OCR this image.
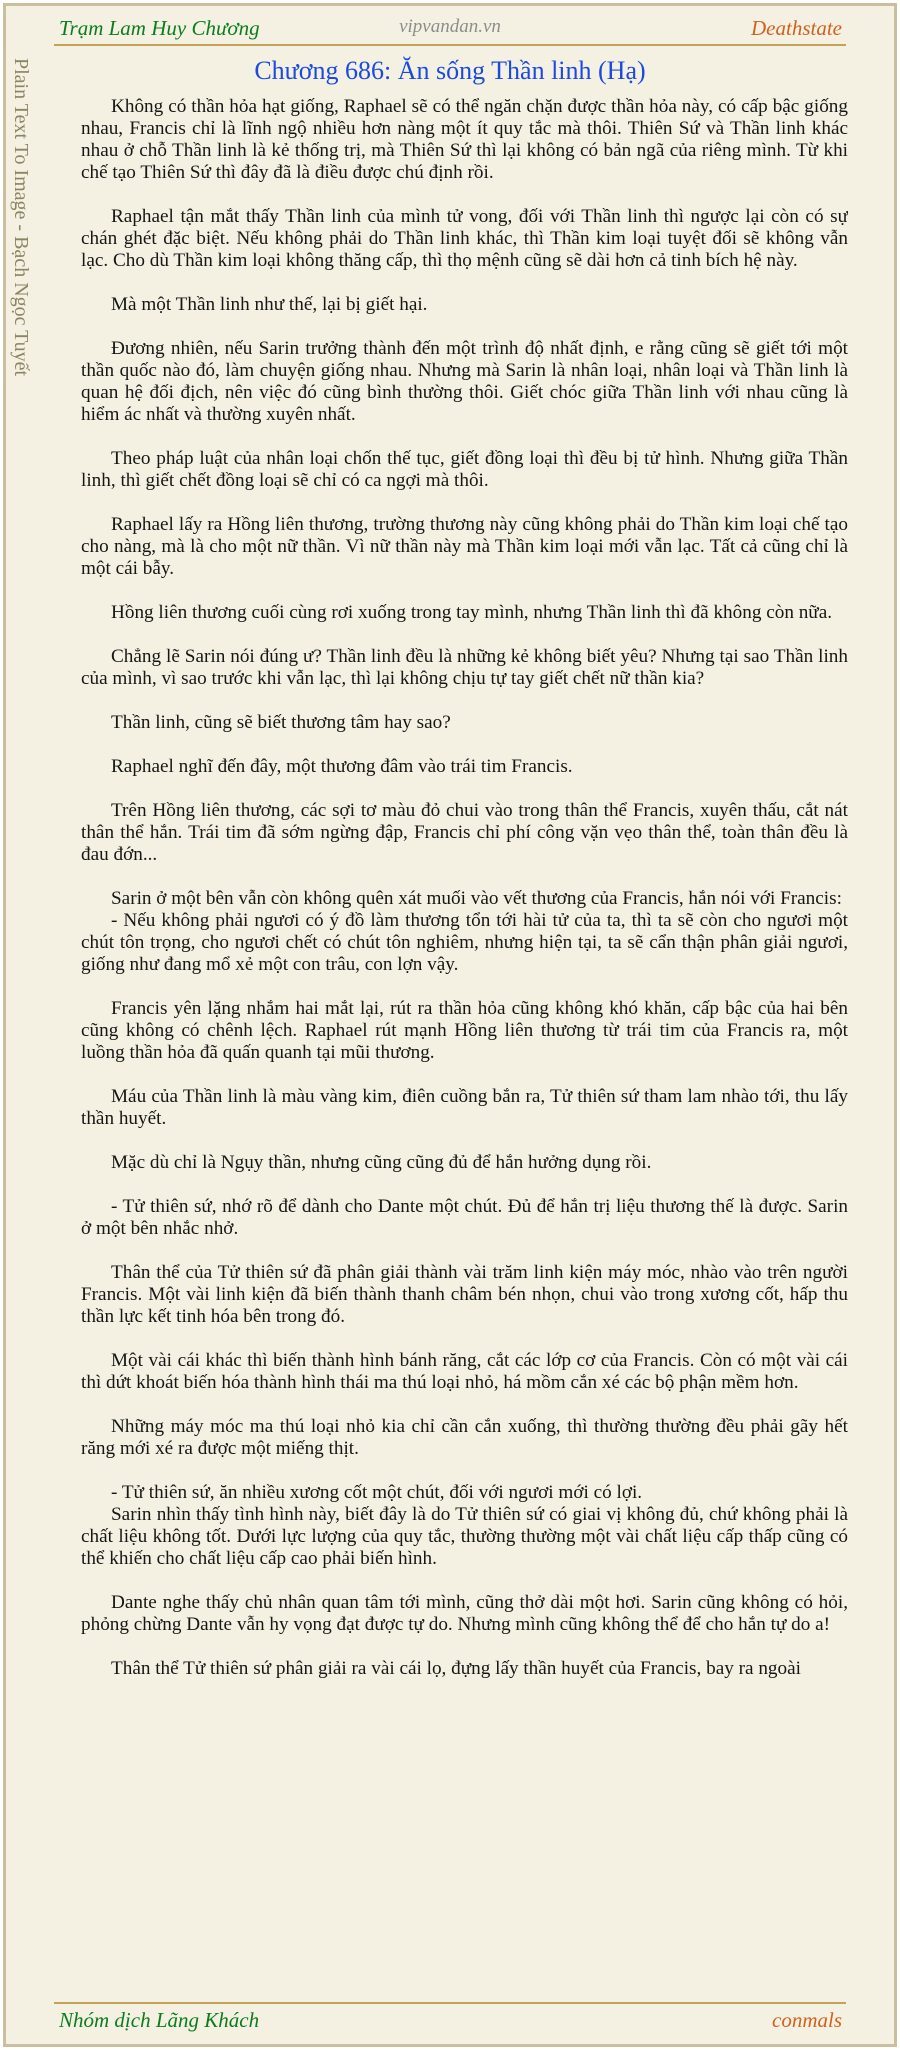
Trạm Lam Huy Chương	vipvandan.vn	Deathstate
Plain Text To Image - Bạch Ngọc Tuyết	Chương 686: Ăn sống Thần linh (Hạ)

Không có thần hỏa hạt giống, Raphael sẽ có thể ngăn chặn được thần hỏa này, có cấp bậc giống nhau, Francis chỉ là lĩnh ngộ nhiều hơn nàng một ít quy tắc mà thôi. Thiên Sứ và Thần linh khác nhau ở chỗ Thần linh là kẻ thống trị, mà Thiên Sứ thì lại không có bản ngã của riêng mình. Từ khi chế tạo Thiên Sứ thì đây đã là điều được chú định rồi.

Raphael tận mắt thấy Thần linh của mình tử vong, đối với Thần linh thì ngược lại còn có sự chán ghét đặc biệt. Nếu không phải do Thần linh khác, thì Thần kim loại tuyệt đối sẽ không vẫn lạc. Cho dù Thần kim loại không thăng cấp, thì thọ mệnh cũng sẽ dài hơn cả tinh bích hệ này.

Mà một Thần linh như thế, lại bị giết hại.

Đương nhiên, nếu Sarin trưởng thành đến một trình độ nhất định, e rằng cũng sẽ giết tới một thần quốc nào đó, làm chuyện giống nhau. Nhưng mà Sarin là nhân loại, nhân loại và Thần linh là quan hệ đối địch, nên việc đó cũng bình thường thôi. Giết chóc giữa Thần linh với nhau cũng là hiểm ác nhất và thường xuyên nhất.

Theo pháp luật của nhân loại chốn thế tục, giết đồng loại thì đều bị tử hình. Nhưng giữa Thần linh, thì giết chết đồng loại sẽ chỉ có ca ngợi mà thôi.

Raphael lấy ra Hồng liên thương, trường thương này cũng không phải do Thần kim loại chế tạo cho nàng, mà là cho một nữ thần. Vì nữ thần này mà Thần kim loại mới vẫn lạc. Tất cả cũng chỉ là một cái bẫy.

Hồng liên thương cuối cùng rơi xuống trong tay mình, nhưng Thần linh thì đã không còn nữa.

Chẳng lẽ Sarin nói đúng ư? Thần linh đều là những kẻ không biết yêu? Nhưng tại sao Thần linh của mình, vì sao trước khi vẫn lạc, thì lại không chịu tự tay giết chết nữ thần kia?

Thần linh, cũng sẽ biết thương tâm hay sao?

Raphael nghĩ đến đây, một thương đâm vào trái tim Francis.

Trên Hồng liên thương, các sợi tơ màu đỏ chui vào trong thân thể Francis, xuyên thấu, cắt nát thân thể hắn. Trái tim đã sớm ngừng đập, Francis chỉ phí công vặn vẹo thân thể, toàn thân đều là đau đớn...

Sarin ở một bên vẫn còn không quên xát muối vào vết thương của Francis, hắn nói với Francis:

- Nếu không phải ngươi có ý đồ làm thương tổn tới hài tử của ta, thì ta sẽ còn cho ngươi một chút tôn trọng, cho ngươi chết có chút tôn nghiêm, nhưng hiện tại, ta sẽ cẩn thận phân giải ngươi, giống như đang mổ xẻ một con trâu, con lợn vậy.

Francis yên lặng nhắm hai mắt lại, rút ra thần hỏa cũng không khó khăn, cấp bậc của hai bên cũng không có chênh lệch. Raphael rút mạnh Hồng liên thương từ trái tim của Francis ra, một luồng thần hỏa đã quấn quanh tại mũi thương.

Máu của Thần linh là màu vàng kim, điên cuồng bắn ra, Tử thiên sứ tham lam nhào tới, thu lấy thần huyết.

Mặc dù chỉ là Ngụy thần, nhưng cũng cũng đủ để hắn hưởng dụng rồi.

- Tử thiên sứ, nhớ rõ để dành cho Dante một chút. Đủ để hắn trị liệu thương thế là được. Sarin ở một bên nhắc nhở.

Thân thể của Tử thiên sứ đã phân giải thành vài trăm linh kiện máy móc, nhào vào trên người Francis. Một vài linh kiện đã biến thành thanh châm bén nhọn, chui vào trong xương cốt, hấp thu thần lực kết tinh hóa bên trong đó.

Một vài cái khác thì biến thành hình bánh răng, cắt các lớp cơ của Francis. Còn có một vài cái thì dứt khoát biến hóa thành hình thái ma thú loại nhỏ, há mồm cắn xé các bộ phận mềm hơn.

Những máy móc ma thú loại nhỏ kia chỉ cần cắn xuống, thì thường thường đều phải gãy hết răng mới xé ra được một miếng thịt.

- Tử thiên sứ, ăn nhiều xương cốt một chút, đối với ngươi mới có lợi.

Sarin nhìn thấy tình hình này, biết đây là do Tử thiên sứ có giai vị không đủ, chứ không phải là chất liệu không tốt. Dưới lực lượng của quy tắc, thường thường một vài chất liệu cấp thấp cũng có thể khiến cho chất liệu cấp cao phải biến hình.

Dante nghe thấy chủ nhân quan tâm tới mình, cũng thở dài một hơi. Sarin cũng không có hỏi, phỏng chừng Dante vẫn hy vọng đạt được tự do. Nhưng mình cũng không thể để cho hắn tự do a!

Thân thể Tử thiên sứ phân giải ra vài cái lọ, đựng lấy thần huyết của Francis, bay ra ngoài

Nhóm dịch Lãng Khách	conmals
